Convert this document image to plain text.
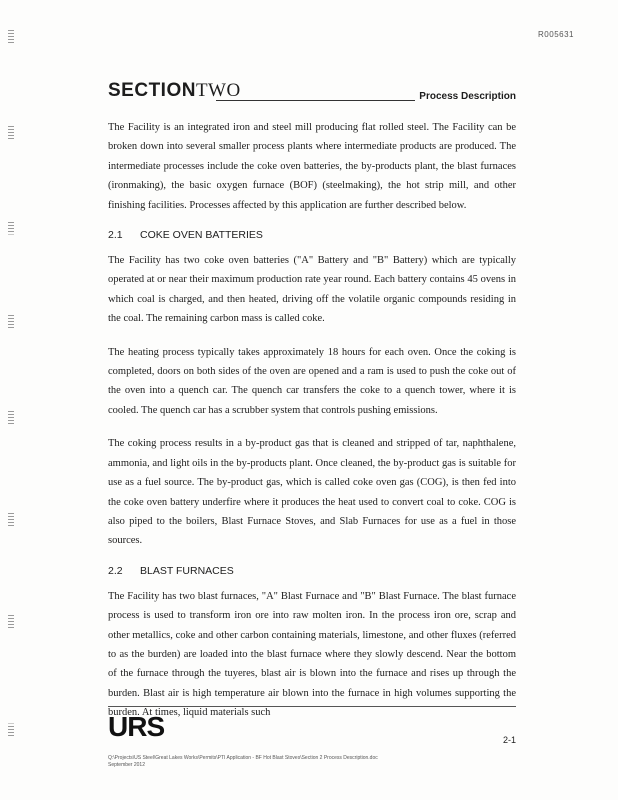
R005631
SECTIONTWO	Process Description

The Facility is an integrated iron and steel mill producing flat rolled steel. The Facility can be broken down into several smaller process plants where intermediate products are produced. The intermediate processes include the coke oven batteries, the by-products plant, the blast furnaces (ironmaking), the basic oxygen furnace (BOF) (steelmaking), the hot strip mill, and other finishing facilities. Processes affected by this application are further described below.

2.1 COKE OVEN BATTERIES

The Facility has two coke oven batteries ("A" Battery and "B" Battery) which are typically operated at or near their maximum production rate year round. Each battery contains 45 ovens in which coal is charged, and then heated, driving off the volatile organic compounds residing in the coal. The remaining carbon mass is called coke.

The heating process typically takes approximately 18 hours for each oven. Once the coking is completed, doors on both sides of the oven are opened and a ram is used to push the coke out of the oven into a quench car. The quench car transfers the coke to a quench tower, where it is cooled. The quench car has a scrubber system that controls pushing emissions.

The coking process results in a by-product gas that is cleaned and stripped of tar, naphthalene, ammonia, and light oils in the by-products plant. Once cleaned, the by-product gas is suitable for use as a fuel source. The by-product gas, which is called coke oven gas (COG), is then fed into the coke oven battery underfire where it produces the heat used to convert coal to coke. COG is also piped to the boilers, Blast Furnace Stoves, and Slab Furnaces for use as a fuel in those sources.

2.2 BLAST FURNACES

The Facility has two blast furnaces, "A" Blast Furnace and "B" Blast Furnace. The blast furnace process is used to transform iron ore into raw molten iron. In the process iron ore, scrap and other metallics, coke and other carbon containing materials, limestone, and other fluxes (referred to as the burden) are loaded into the blast furnace where they slowly descend. Near the bottom of the furnace through the tuyeres, blast air is blown into the furnace and rises up through the burden. Blast air is high temperature air blown into the furnace in high volumes supporting the burden. At times, liquid materials such

URS	2-1
Q:\Projects\US Steel\Great Lakes Works\Permits\PTI Application - BF Hot Blast Stoves\Section 2 Process Description.doc
September 2012
